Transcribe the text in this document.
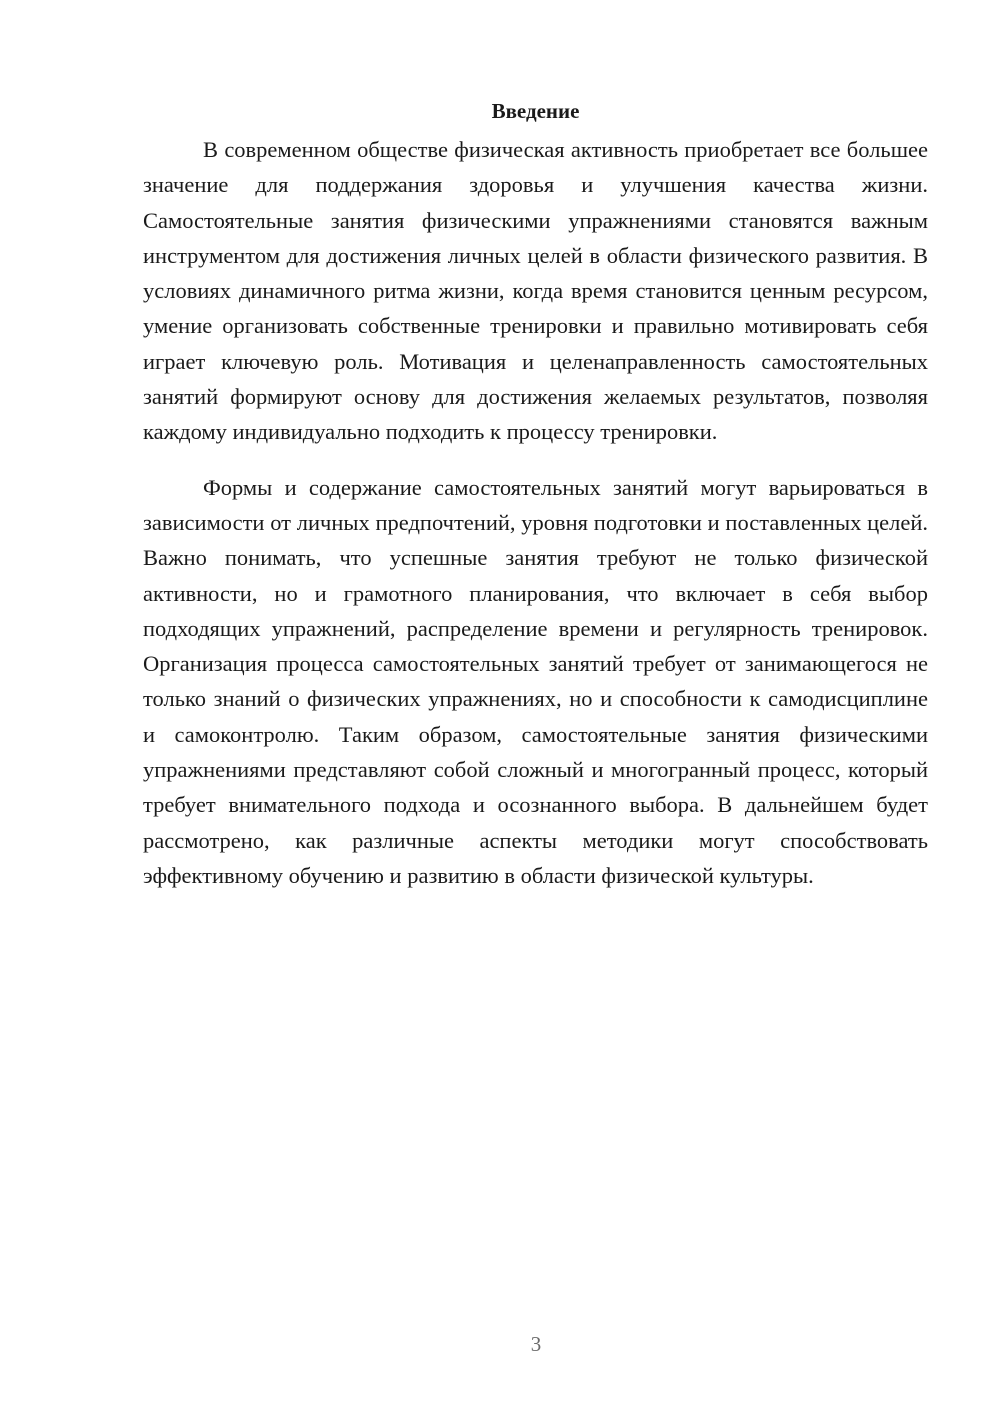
Введение

В современном обществе физическая активность приобретает все большее значение для поддержания здоровья и улучшения качества жизни. Самостоятельные занятия физическими упражнениями становятся важным инструментом для достижения личных целей в области физического развития. В условиях динамичного ритма жизни, когда время становится ценным ресурсом, умение организовать собственные тренировки и правильно мотивировать себя играет ключевую роль. Мотивация и целенаправленность самостоятельных занятий формируют основу для достижения желаемых результатов, позволяя каждому индивидуально подходить к процессу тренировки.

Формы и содержание самостоятельных занятий могут варьироваться в зависимости от личных предпочтений, уровня подготовки и поставленных целей. Важно понимать, что успешные занятия требуют не только физической активности, но и грамотного планирования, что включает в себя выбор подходящих упражнений, распределение времени и регулярность тренировок. Организация процесса самостоятельных занятий требует от занимающегося не только знаний о физических упражнениях, но и способности к самодисциплине и самоконтролю. Таким образом, самостоятельные занятия физическими упражнениями представляют собой сложный и многогранный процесс, который требует внимательного подхода и осознанного выбора. В дальнейшем будет рассмотрено, как различные аспекты методики могут способствовать эффективному обучению и развитию в области физической культуры.

3
